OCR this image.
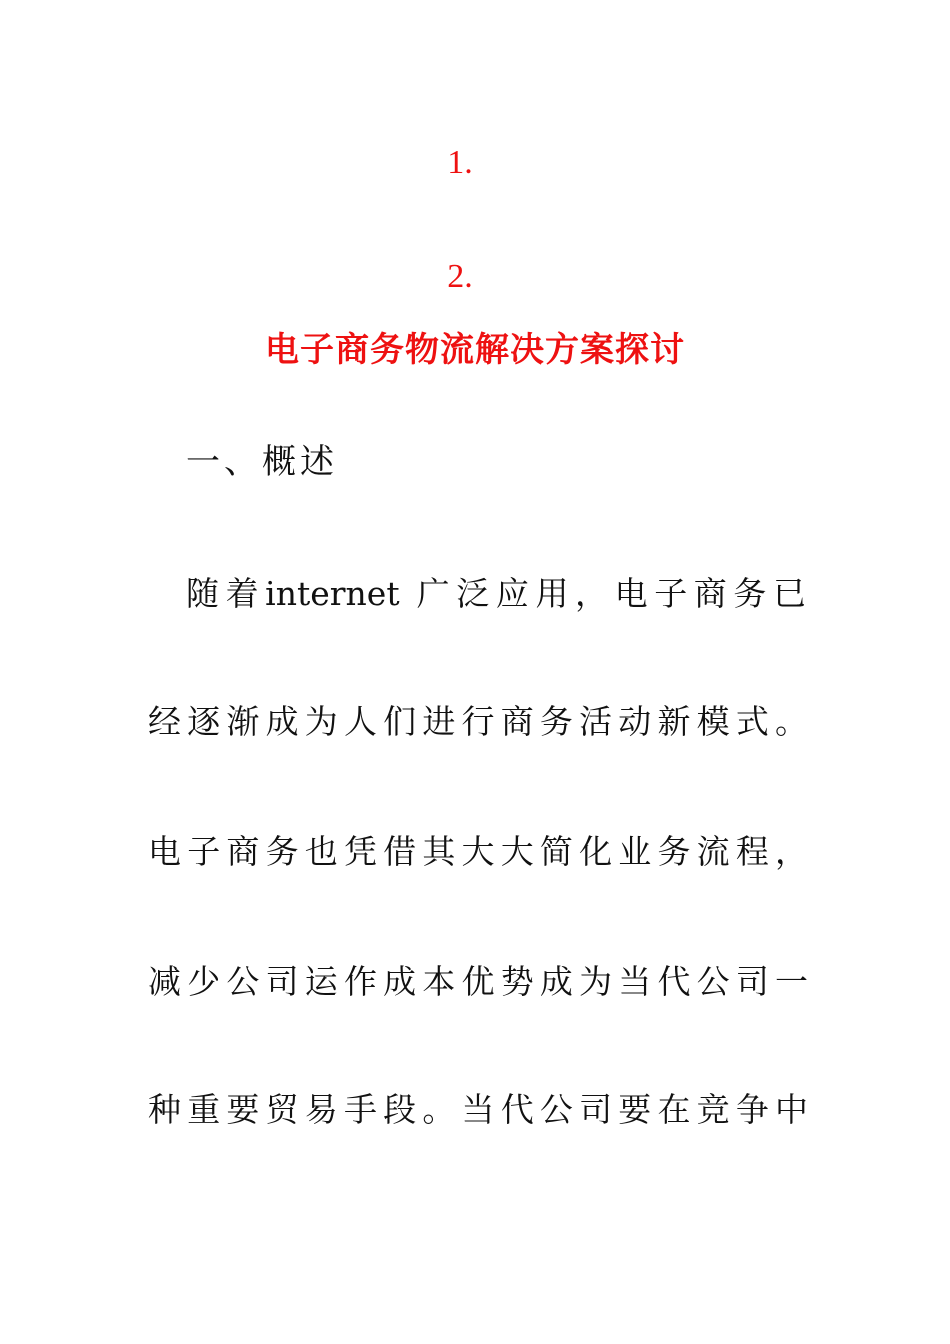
1.
2.
电子商务物流解决方案探讨
一、概述
随着internet 广泛应用，电子商务已
经逐渐成为人们进行商务活动新模式。
电子商务也凭借其大大简化业务流程，
减少公司运作成本优势成为当代公司一
种重要贸易手段。当代公司要在竞争中
